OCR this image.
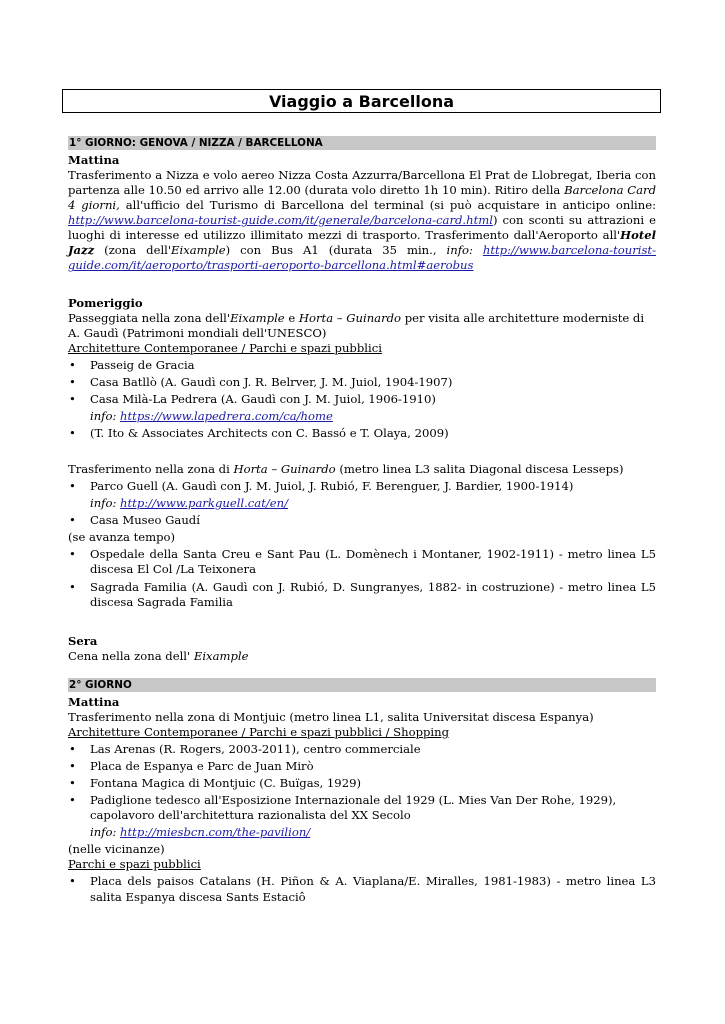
Viaggio a Barcellona
1° GIORNO: GENOVA / NIZZA / BARCELLONA
Mattina

Trasferimento a Nizza e volo aereo Nizza Costa Azzurra/Barcellona El Prat de Llobregat, Iberia con partenza alle 10.50 ed arrivo alle 12.00 (durata volo diretto 1h 10 min). Ritiro della Barcelona Card 4 giorni, all'ufficio del Turismo di Barcellona del terminal (si può acquistare in anticipo online: http://www.barcelona-tourist-guide.com/it/generale/barcelona-card.html) con sconti su attrazioni e luoghi di interesse ed utilizzo illimitato mezzi di trasporto. Trasferimento dall'Aeroporto all'Hotel Jazz (zona dell'Eixample) con Bus A1 (durata 35 min., info: http://www.barcelona-tourist-guide.com/it/aeroporto/trasporti-aeroporto-barcellona.html#aerobus

Pomeriggio

Passeggiata nella zona dell'Eixample e Horta – Guinardo per visita alle architetture moderniste di A. Gaudì (Patrimoni mondiali dell'UNESCO)

Architetture Contemporanee / Parchi e spazi pubblici

• Passeig de Gracia
• Casa Batllò (A. Gaudì con J. R. Belrver, J. M. Juiol, 1904-1907)
• Casa Milà-La Pedrera (A. Gaudì con J. M. Juiol, 1906-1910)
info: https://www.lapedrera.com/ca/home
• (T. Ito & Associates Architects con C. Bassó e T. Olaya, 2009)

Trasferimento nella zona di Horta – Guinardo (metro linea L3 salita Diagonal discesa Lesseps)

• Parco Guell (A. Gaudì con J. M. Juiol, J. Rubió, F. Berenguer, J. Bardier, 1900-1914)
info: http://www.parkguell.cat/en/
• Casa Museo Gaudí

(se avanza tempo)

• Ospedale della Santa Creu e Sant Pau (L. Domènech i Montaner, 1902-1911) - metro linea L5 discesa El Col /La Teixonera
• Sagrada Familia (A. Gaudì con J. Rubió, D. Sungranyes, 1882- in costruzione) - metro linea L5 discesa Sagrada Familia
Sera

Cena nella zona dell' Eixample

2° GIORNO
Mattina

Trasferimento nella zona di Montjuic (metro linea L1, salita Universitat discesa Espanya)

Architetture Contemporanee / Parchi e spazi pubblici / Shopping

• Las Arenas (R. Rogers, 2003-2011), centro commerciale
• Placa de Espanya e Parc de Juan Mirò
• Fontana Magica di Montjuic (C. Buïgas, 1929)
• Padiglione tedesco all'Esposizione Internazionale del 1929 (L. Mies Van Der Rohe, 1929), capolavoro dell'architettura razionalista del XX Secolo
info: http://miesbcn.com/the-pavilion/

(nelle vicinanze)

Parchi e spazi pubblici

• Placa dels paisos Catalans (H. Piñon & A. Viaplana/E. Miralles, 1981-1983) - metro linea L3 salita Espanya discesa Sants Estaciô
